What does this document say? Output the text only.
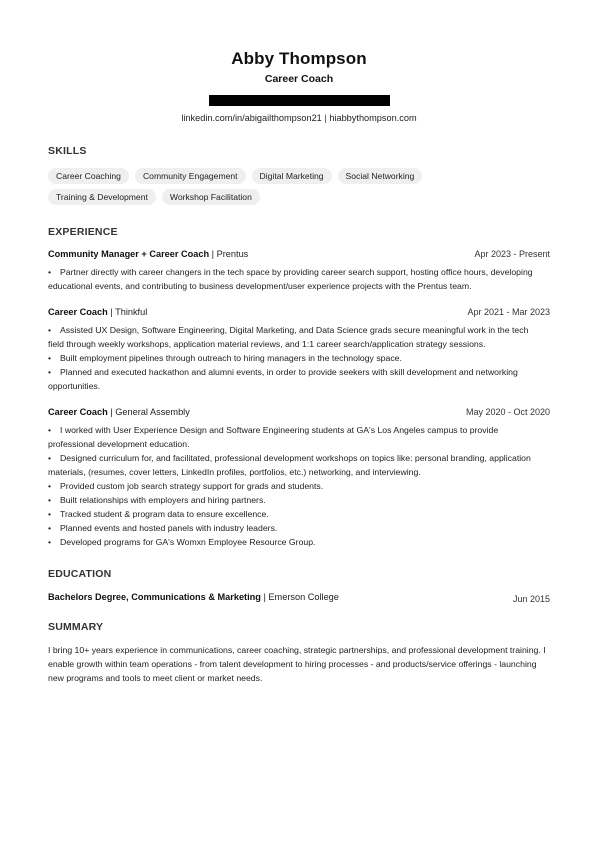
Abby Thompson
Career Coach
linkedin.com/in/abigailthompson21 | hiabbythompson.com
SKILLS
Career Coaching	Community Engagement	Digital Marketing	Social Networking
Training & Development	Workshop Facilitation
EXPERIENCE
Community Manager + Career Coach | Prentus	Apr 2023 - Present
• Partner directly with career changers in the tech space by providing career search support, hosting office hours, developing educational events, and contributing to business development/user experience projects with the Prentus team.
Career Coach | Thinkful	Apr 2021 - Mar 2023
• Assisted UX Design, Software Engineering, Digital Marketing, and Data Science grads secure meaningful work in the tech field through weekly workshops, application material reviews, and 1:1 career search/application strategy sessions.
• Built employment pipelines through outreach to hiring managers in the technology space.
• Planned and executed hackathon and alumni events, in order to provide seekers with skill development and networking opportunities.
Career Coach | General Assembly	May 2020 - Oct 2020
• I worked with User Experience Design and Software Engineering students at GA's Los Angeles campus to provide professional development education.
• Designed curriculum for, and facilitated, professional development workshops on topics like: personal branding, application materials, (resumes, cover letters, LinkedIn profiles, portfolios, etc.) networking, and interviewing.
• Provided custom job search strategy support for grads and students.
• Built relationships with employers and hiring partners.
• Tracked student & program data to ensure excellence.
• Planned events and hosted panels with industry leaders.
• Developed programs for GA's Womxn Employee Resource Group.
EDUCATION
Bachelors Degree, Communications & Marketing | Emerson College	Jun 2015
SUMMARY
I bring 10+ years experience in communications, career coaching, strategic partnerships, and professional development training. I enable growth within team operations - from talent development to hiring processes - and products/service offerings - launching new programs and tools to meet client or market needs.
